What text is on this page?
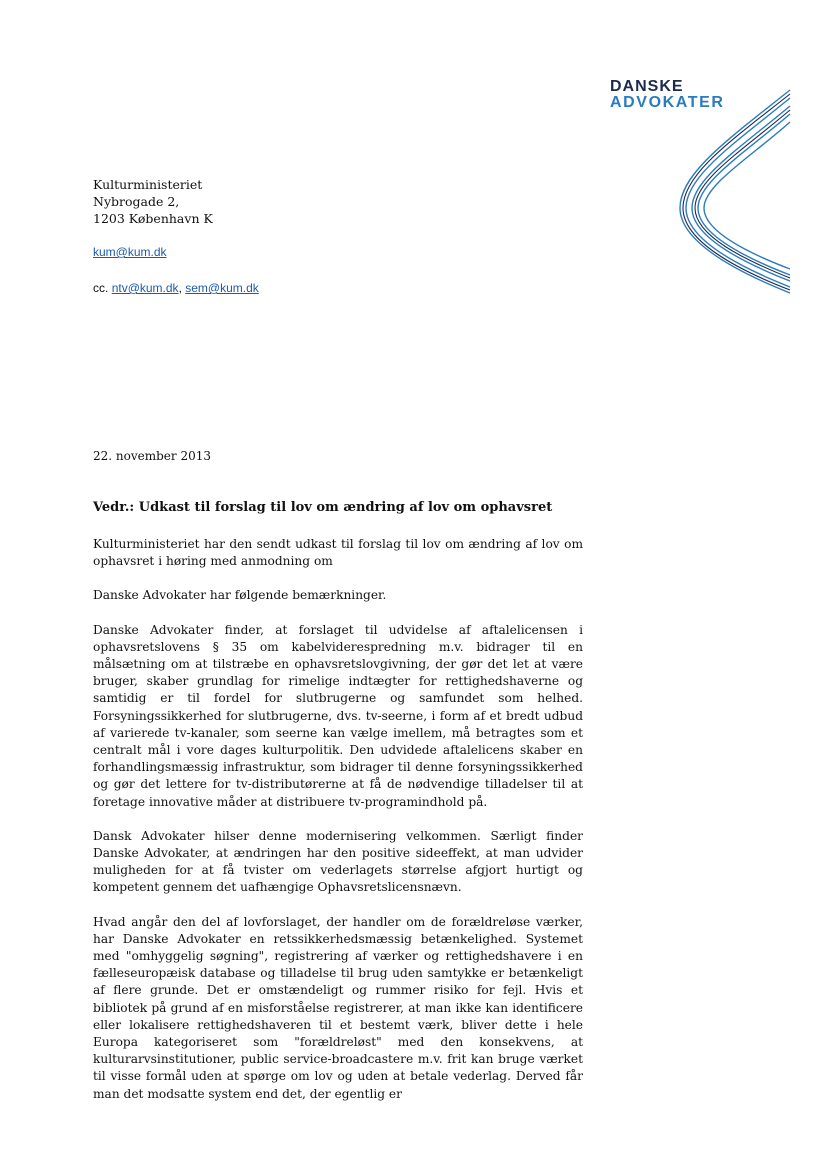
DANSKE
ADVOKATER
Kulturministeriet
Nybrogade 2,
1203 København K
kum@kum.dk
cc. ntv@kum.dk, sem@kum.dk
22. november 2013
Vedr.: Udkast til forslag til lov om ændring af lov om ophavsret

Kulturministeriet har den sendt udkast til forslag til lov om ændring af lov om ophavsret i høring med anmodning om

Danske Advokater har følgende bemærkninger.

Danske Advokater finder, at forslaget til udvidelse af aftalelicensen i ophavsretslovens § 35 om kabelviderespredning m.v. bidrager til en målsætning om at tilstræbe en ophavsretslovgivning, der gør det let at være bruger, skaber grundlag for rimelige indtægter for rettighedshaverne og samtidig er til fordel for slutbrugerne og samfundet som helhed. Forsyningssikkerhed for slutbrugerne, dvs. tv-seerne, i form af et bredt udbud af varierede tv-kanaler, som seerne kan vælge imellem, må betragtes som et centralt mål i vore dages kulturpolitik. Den udvidede aftalelicens skaber en forhandlingsmæssig infrastruktur, som bidrager til denne forsyningssikkerhed og gør det lettere for tv-distributørerne at få de nødvendige tilladelser til at foretage innovative måder at distribuere tv-programindhold på.

Dansk Advokater hilser denne modernisering velkommen. Særligt finder Danske Advokater, at ændringen har den positive sideeffekt, at man udvider muligheden for at få tvister om vederlagets størrelse afgjort hurtigt og kompetent gennem det uafhængige Ophavsretslicensnævn.

Hvad angår den del af lovforslaget, der handler om de forældreløse værker, har Danske Advokater en retssikkerhedsmæssig betænkelighed. Systemet med "omhyggelig søgning", registrering af værker og rettighedshavere i en fælleseuropæisk database og tilladelse til brug uden samtykke er betænkeligt af flere grunde. Det er omstændeligt og rummer risiko for fejl. Hvis et bibliotek på grund af en misforståelse registrerer, at man ikke kan identificere eller lokalisere rettighedshaveren til et bestemt værk, bliver dette i hele Europa kategoriseret som "forældreløst" med den konsekvens, at kulturarvsinstitutioner, public service-broadcastere m.v. frit kan bruge værket til visse formål uden at spørge om lov og uden at betale vederlag. Derved får man det modsatte system end det, der egentlig er
